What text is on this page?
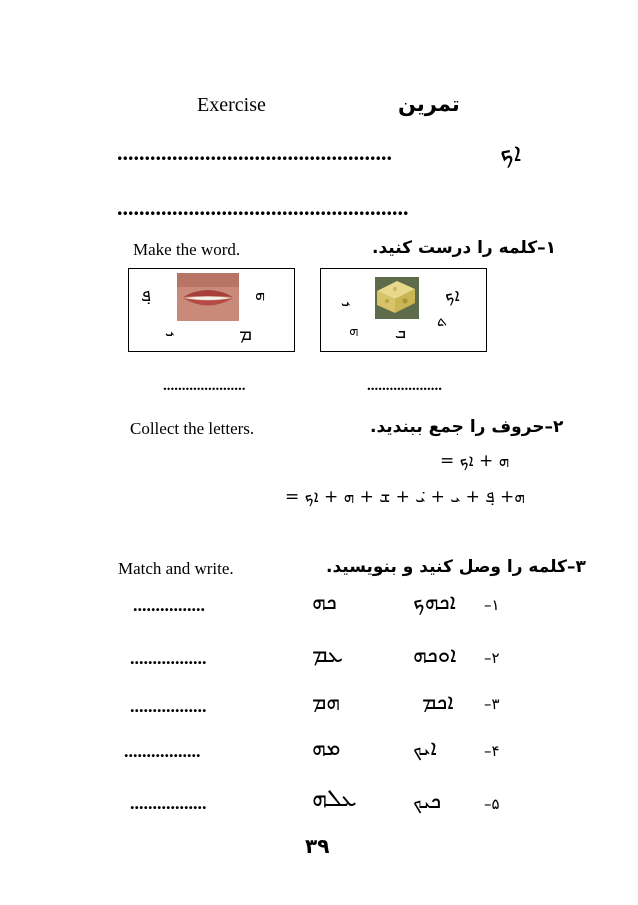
Exercise	تمرین
..................................................	ܐܟ
.....................................................
Make the word.	۱–کلمه را درست کنید.
ܦ݂	ܗ
ܝ	ܡ
ܐܟ
ܝ
ܗ	ܬ
ܒ
......................	....................
Collect the letters.	۲–حروف را جمع ببندید.
= ܗ + ܐܟ
= ܗ+ ܦ݂ + ܝ + ܝ݁ + ܫ + ܗ + ܐܟ
Match and write.	۳–کلمه را وصل کنید و بنویسید.
................	ܟܗ	ܐܟܗܟ –۱
.................	ܥܡ	ܐܘܟܗ –۲
.................	ܗܡ	ܐܟܡ –۳
.................	ܡܗ	ܐܝܟ	–۴
.................	ܥܠܗ	ܟܝܟ	–۵
۳۹
